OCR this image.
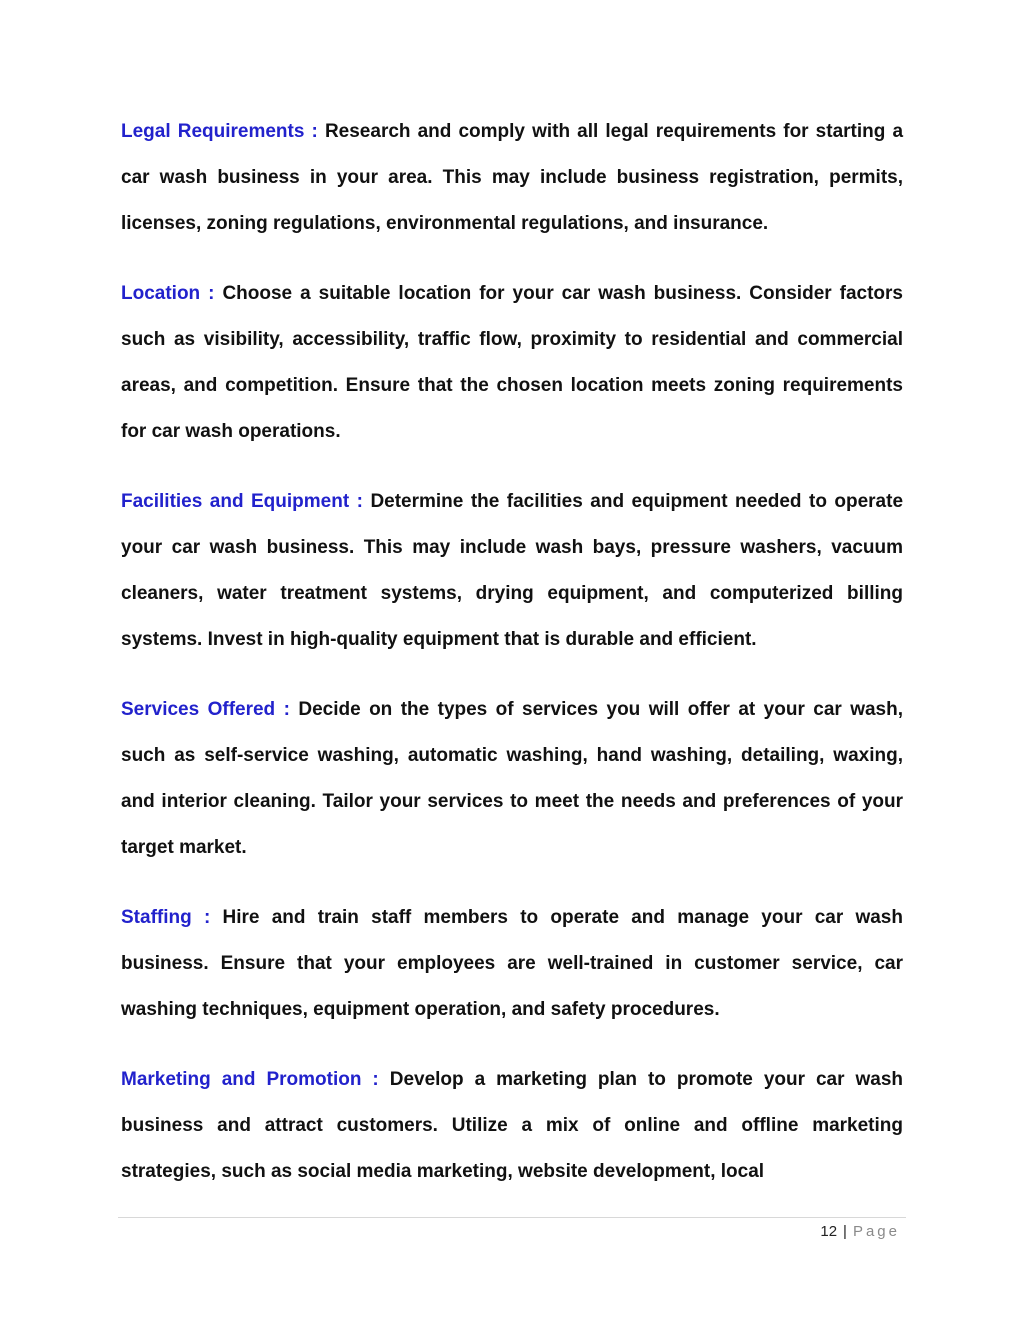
Legal Requirements : Research and comply with all legal requirements for starting a car wash business in your area. This may include business registration, permits, licenses, zoning regulations, environmental regulations, and insurance.

Location : Choose a suitable location for your car wash business. Consider factors such as visibility, accessibility, traffic flow, proximity to residential and commercial areas, and competition. Ensure that the chosen location meets zoning requirements for car wash operations.

Facilities and Equipment : Determine the facilities and equipment needed to operate your car wash business. This may include wash bays, pressure washers, vacuum cleaners, water treatment systems, drying equipment, and computerized billing systems. Invest in high-quality equipment that is durable and efficient.

Services Offered : Decide on the types of services you will offer at your car wash, such as self-service washing, automatic washing, hand washing, detailing, waxing, and interior cleaning. Tailor your services to meet the needs and preferences of your target market.

Staffing : Hire and train staff members to operate and manage your car wash business. Ensure that your employees are well-trained in customer service, car washing techniques, equipment operation, and safety procedures.

Marketing and Promotion : Develop a marketing plan to promote your car wash business and attract customers. Utilize a mix of online and offline marketing strategies, such as social media marketing, website development, local

12 | Page
